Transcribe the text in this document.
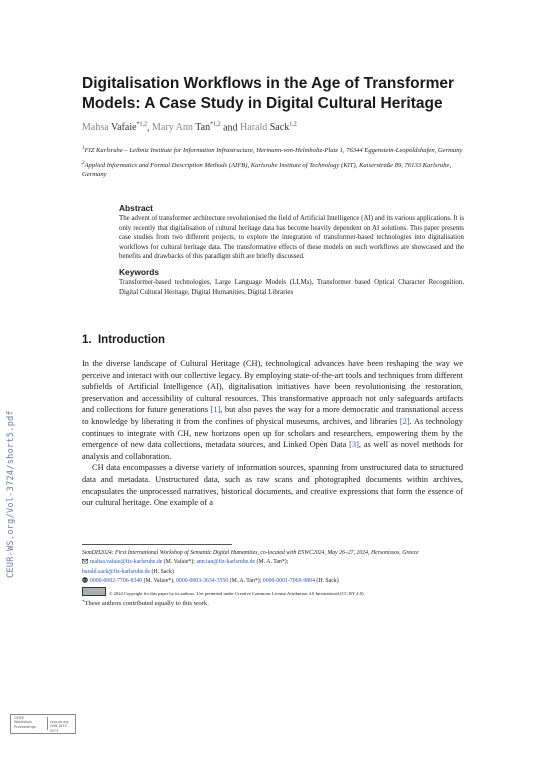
CEUR-WS.org/Vol-3724/short5.pdf
Digitalisation Workflows in the Age of Transformer Models: A Case Study in Digital Cultural Heritage
Mahsa Vafaie$^{*1,2}$, Mary Ann Tan$^{*1,2}$ and Harald Sack$^{1,2}$

$^1$FIZ Karlsruhe – Leibniz Institute for Information Infrastructure, Hermann-von-Helmholtz-Platz 1, 76344 Eggenstein-Leopoldshafen, Germany

$^2$Applied Informatics and Formal Description Methods (AIFB), Karlsruhe Institute of Technology (KIT), Kaiserstraße 89, 76133 Karlsruhe, Germany

Abstract

The advent of transformer architecture revolutionised the field of Artificial Intelligence (AI) and its various applications. It is only recently that digitalisation of cultural heritage data has become heavily dependent on AI solutions. This paper presents case studies from two different projects, to explore the integration of transformer-based technologies into digitalisation workflows for cultural heritage data. The transformative effects of these models on such workflows are showcased and the benefits and drawbacks of this paradigm shift are briefly discussed.

Keywords

Transformer-based technologies, Large Language Models (LLMs), Transformer based Optical Character Recognition, Digital Cultural Heritage, Digital Humanities, Digital Libraries

1. Introduction

In the diverse landscape of Cultural Heritage (CH), technological advances have been reshaping the way we perceive and interact with our collective legacy. By employing state-of-the-art tools and techniques from different subfields of Artificial Intelligence (AI), digitalisation initiatives have been revolutionising the restoration, preservation and accessibility of cultural resources. This transformative approach not only safeguards artifacts and collections for future generations [1], but also paves the way for a more democratic and transnational access to knowledge by liberating it from the confines of physical museums, archives, and libraries [2]. As technology continues to integrate with CH, new horizons open up for scholars and researchers, empowering them by the emergence of new data collections, metadata sources, and Linked Open Data [3], as well as novel methods for analysis and collaboration.

CH data encompasses a diverse variety of information sources, spanning from unstructured data to structured data and metadata. Unstructured data, such as raw scans and photographed documents within archives, encapsulates the unprocessed narratives, historical documents, and creative expressions that form the essence of our cultural heritage. One example of a

SemDH2024: First International Workshop of Semantic Digital Humanities, co-located with ESWC2024, May 26–27, 2024, Hersonissos, Greece

mahsa.vafaie@fiz-karlsruhe.de (M. Vafaie*); ann.tan@fiz-karlsruhe.de (M. A. Tan*);
harald.sack@fiz-karlsruhe.de (H. Sack)

iD 0000-0002-7706-8340 (M. Vafaie*), 0000-0003-3634-3550 (M. A. Tan*); 0000-0001-7069-9804 (H. Sack)

© 2024 Copyright for this paper by its authors. Use permitted under Creative Commons License Attribution 4.0 International (CC BY 4.0).

*These authors contributed equally to this work.

CEUR
Workshop
Proceedings
ceur-ws.org ISSN 1613-0073
